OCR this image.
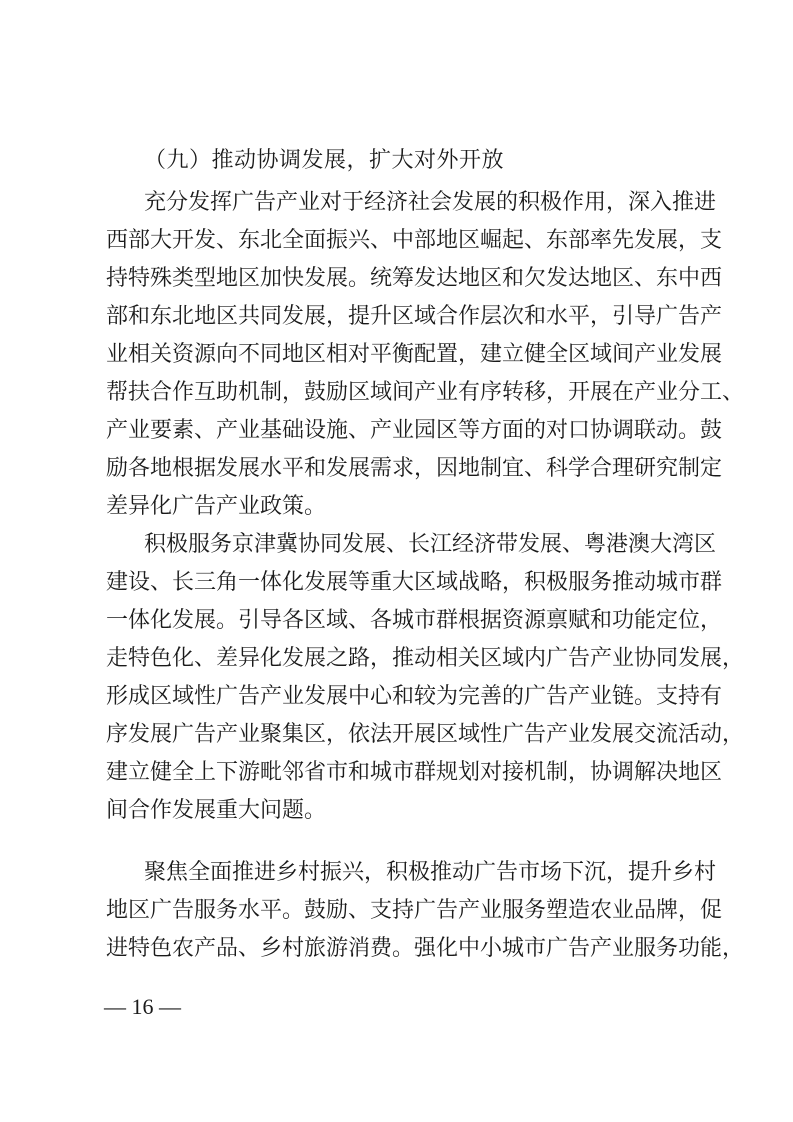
（九）推动协调发展，扩大对外开放
充分发挥广告产业对于经济社会发展的积极作用，深入推进
西部大开发、东北全面振兴、中部地区崛起、东部率先发展，支
持特殊类型地区加快发展。统筹发达地区和欠发达地区、东中西
部和东北地区共同发展，提升区域合作层次和水平，引导广告产
业相关资源向不同地区相对平衡配置，建立健全区域间产业发展
帮扶合作互助机制，鼓励区域间产业有序转移，开展在产业分工、
产业要素、产业基础设施、产业园区等方面的对口协调联动。鼓
励各地根据发展水平和发展需求，因地制宜、科学合理研究制定
差异化广告产业政策。
积极服务京津冀协同发展、长江经济带发展、粤港澳大湾区
建设、长三角一体化发展等重大区域战略，积极服务推动城市群
一体化发展。引导各区域、各城市群根据资源禀赋和功能定位，
走特色化、差异化发展之路，推动相关区域内广告产业协同发展，
形成区域性广告产业发展中心和较为完善的广告产业链。支持有
序发展广告产业聚集区，依法开展区域性广告产业发展交流活动，
建立健全上下游毗邻省市和城市群规划对接机制，协调解决地区
间合作发展重大问题。
聚焦全面推进乡村振兴，积极推动广告市场下沉，提升乡村
地区广告服务水平。鼓励、支持广告产业服务塑造农业品牌，促
进特色农产品、乡村旅游消费。强化中小城市广告产业服务功能，
— 16 —
